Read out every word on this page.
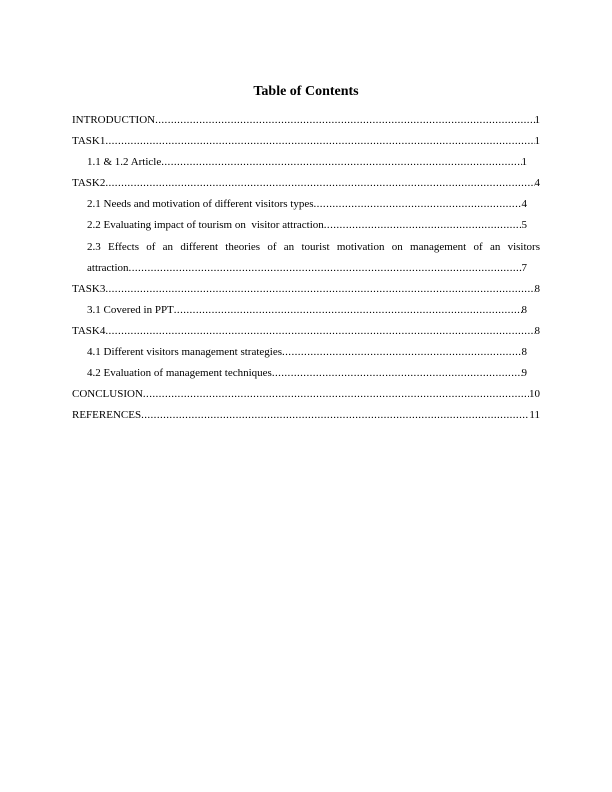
Table of Contents
INTRODUCTION .....	1
TASK1 .....	1
1.1 & 1.2 Article .....	1
TASK2 .....	4
2.1 Needs and motivation of different visitors types .....	4
2.2 Evaluating impact of tourism on  visitor attraction .....	5
2.3 Effects of an different theories of an tourist motivation on management of an visitors
attraction .....	7
TASK3 .....	8
3.1 Covered in PPT .....	8
TASK4 .....	8
4.1 Different visitors management strategies .....	8
4.2 Evaluation of management techniques .....	9
CONCLUSION .....	10
REFERENCES .....	11
